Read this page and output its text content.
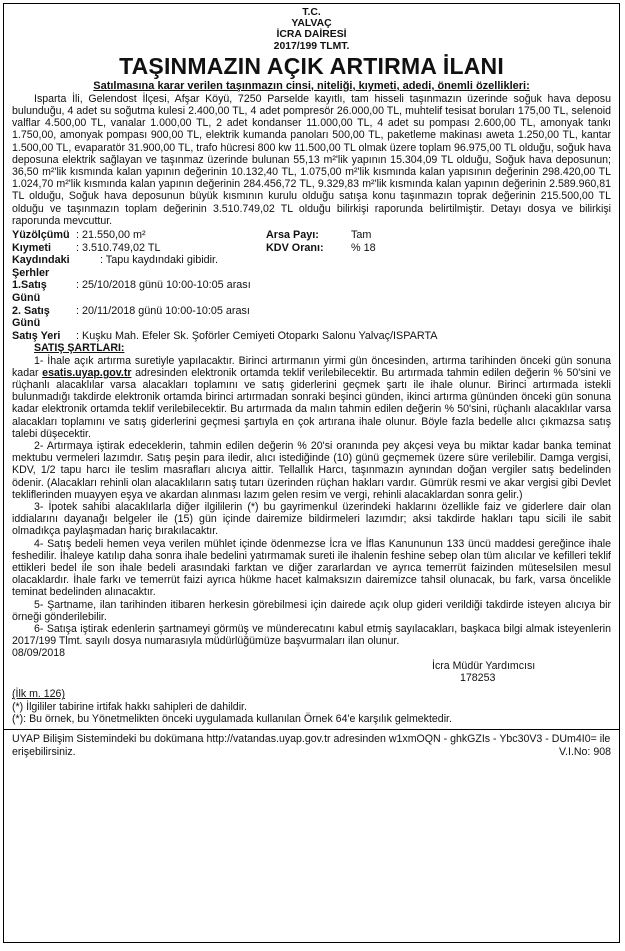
T.C.
YALVAÇ
İCRA DAİRESİ
2017/199 TLMT.
TAŞINMAZIN AÇIK ARTIRMA İLANI
Satılmasına karar verilen taşınmazın cinsi, niteliği, kıymeti, adedi, önemli özellikleri:

Isparta İli, Gelendost İlçesi, Afşar Köyü, 7250 Parselde kayıtlı, tam hisseli taşınmazın üzerinde soğuk hava deposu bulunduğu, 4 adet su soğutma kulesi 2.400,00 TL, 4 adet pompresör 26.000,00 TL, muhtelif tesisat boruları 175,00 TL, selenoid valflar 4.500,00 TL, vanalar 1.000,00 TL, 2 adet kondanser 11.000,00 TL, 4 adet su pompası 2.600,00 TL, amonyak tankı 1.750,00, amonyak pompası 900,00 TL, elektrik kumanda panoları 500,00 TL, paketleme makinası aweta 1.250,00 TL, kantar 1.500,00 TL, evaparatör 31.900,00 TL, trafo hücresi 800 kw 11.500,00 TL olmak üzere toplam 96.975,00 TL olduğu, soğuk hava deposuna elektrik sağlayan ve taşınmaz üzerinde bulunan 55,13 m²'lik yapının 15.304,09 TL olduğu, Soğuk hava deposunun; 36,50 m²'lik kısmında kalan yapının değerinin 10.132,40 TL, 1.075,00 m²'lik kısmında kalan yapısının değerinin 298.420,00 TL 1.024,70 m²'lik kısmında kalan yapının değerinin 284.456,72 TL, 9.329,83 m²'lik kısmında kalan yapının değerinin 2.589.960,81 TL olduğu, Soğuk hava deposunun büyük kısmının kurulu olduğu satışa konu taşınmazın toprak değerinin 215.500,00 TL olduğu ve taşınmazın toplam değerinin 3.510.749,02 TL olduğu bilirkişi raporunda belirtilmiştir. Detayı dosya ve bilirkişi raporunda mevcuttur.

Yüzölçümü : 21.550,00 m²	Arsa Payı:	Tam
Kıymeti	: 3.510.749,02 TL	KDV Oranı:	% 18
Kaydındaki Şerhler
: Tapu kaydındaki gibidir.
1.Satış Günü
: 25/10/2018 günü 10:00-10:05 arası
2. Satış Günü
: 20/11/2018 günü 10:00-10:05 arası
Satış Yeri	: Kuşku Mah. Efeler Sk. Şoförler Cemiyeti Otoparkı Salonu Yalvaç/ISPARTA
SATIŞ ŞARTLARI:

1- İhale açık artırma suretiyle yapılacaktır. Birinci artırmanın yirmi gün öncesinden, artırma tarihinden önceki gün sonuna kadar esatis.uyap.gov.tr adresinden elektronik ortamda teklif verilebilecektir. Bu artırmada tahmin edilen değerin % 50'sini ve rüçhanlı alacaklılar varsa alacakları toplamını ve satış giderlerini geçmek şartı ile ihale olunur. Birinci artırmada istekli bulunmadığı takdirde elektronik ortamda birinci artırmadan sonraki beşinci günden, ikinci artırma gününden önceki gün sonuna kadar elektronik ortamda teklif verilebilecektir. Bu artırmada da malın tahmin edilen değerin % 50'sini, rüçhanlı alacaklılar varsa alacakları toplamını ve satış giderlerini geçmesi şartıyla en çok artırana ihale olunur. Böyle fazla bedelle alıcı çıkmazsa satış talebi düşecektir.

2- Artırmaya iştirak edeceklerin, tahmin edilen değerin % 20'si oranında pey akçesi veya bu miktar kadar banka teminat mektubu vermeleri lazımdır. Satış peşin para iledir, alıcı istediğinde (10) günü geçmemek üzere süre verilebilir. Damga vergisi, KDV, 1/2 tapu harcı ile teslim masrafları alıcıya aittir. Tellallık Harcı, taşınmazın aynından doğan vergiler satış bedelinden ödenir. (Alacakları rehinli olan alacaklıların satış tutarı üzerinden rüçhan hakları vardır. Gümrük resmi ve akar vergisi gibi Devlet tekliflerinden muayyen eşya ve akardan alınması lazım gelen resim ve vergi, rehinli alacaklardan sonra gelir.)

3- İpotek sahibi alacaklılarla diğer ilgililerin (*) bu gayrimenkul üzerindeki haklarını özellikle faiz ve giderlere dair olan iddialarını dayanağı belgeler ile (15) gün içinde dairemize bildirmeleri lazımdır; aksi takdirde hakları tapu sicili ile sabit olmadıkça paylaşmadan hariç bırakılacaktır.

4- Satış bedeli hemen veya verilen mühlet içinde ödenmezse İcra ve İflas Kanununun 133 üncü maddesi gereğince ihale feshedilir. İhaleye katılıp daha sonra ihale bedelini yatırmamak sureti ile ihalenin feshine sebep olan tüm alıcılar ve kefilleri teklif ettikleri bedel ile son ihale bedeli arasındaki farktan ve diğer zararlardan ve ayrıca temerrüt faizinden müteselsilen mesul olacaklardır. İhale farkı ve temerrüt faizi ayrıca hükme hacet kalmaksızın dairemizce tahsil olunacak, bu fark, varsa öncelikle teminat bedelinden alınacaktır.

5- Şartname, ilan tarihinden itibaren herkesin görebilmesi için dairede açık olup gideri verildiği takdirde isteyen alıcıya bir örneği gönderilebilir.

6- Satışa iştirak edenlerin şartnameyi görmüş ve münderecatını kabul etmiş sayılacakları, başkaca bilgi almak isteyenlerin 2017/199 Tlmt. sayılı dosya numarasıyla müdürlüğümüze başvurmaları ilan olunur.

08/09/2018
İcra Müdür Yardımcısı
178253
(İlk m. 126)
(*) İlgililer tabirine irtifak hakkı sahipleri de dahildir.
(*): Bu örnek, bu Yönetmelikten önceki uygulamada kullanılan Örnek 64'e karşılık gelmektedir.
UYAP Bilişim Sistemindeki bu dokümana http://vatandas.uyap.gov.tr adresinden w1xmOQN - ghkGZIs - Ybc30V3 - DUm4I0= ile erişebilirsiniz.	V.I.No: 908
